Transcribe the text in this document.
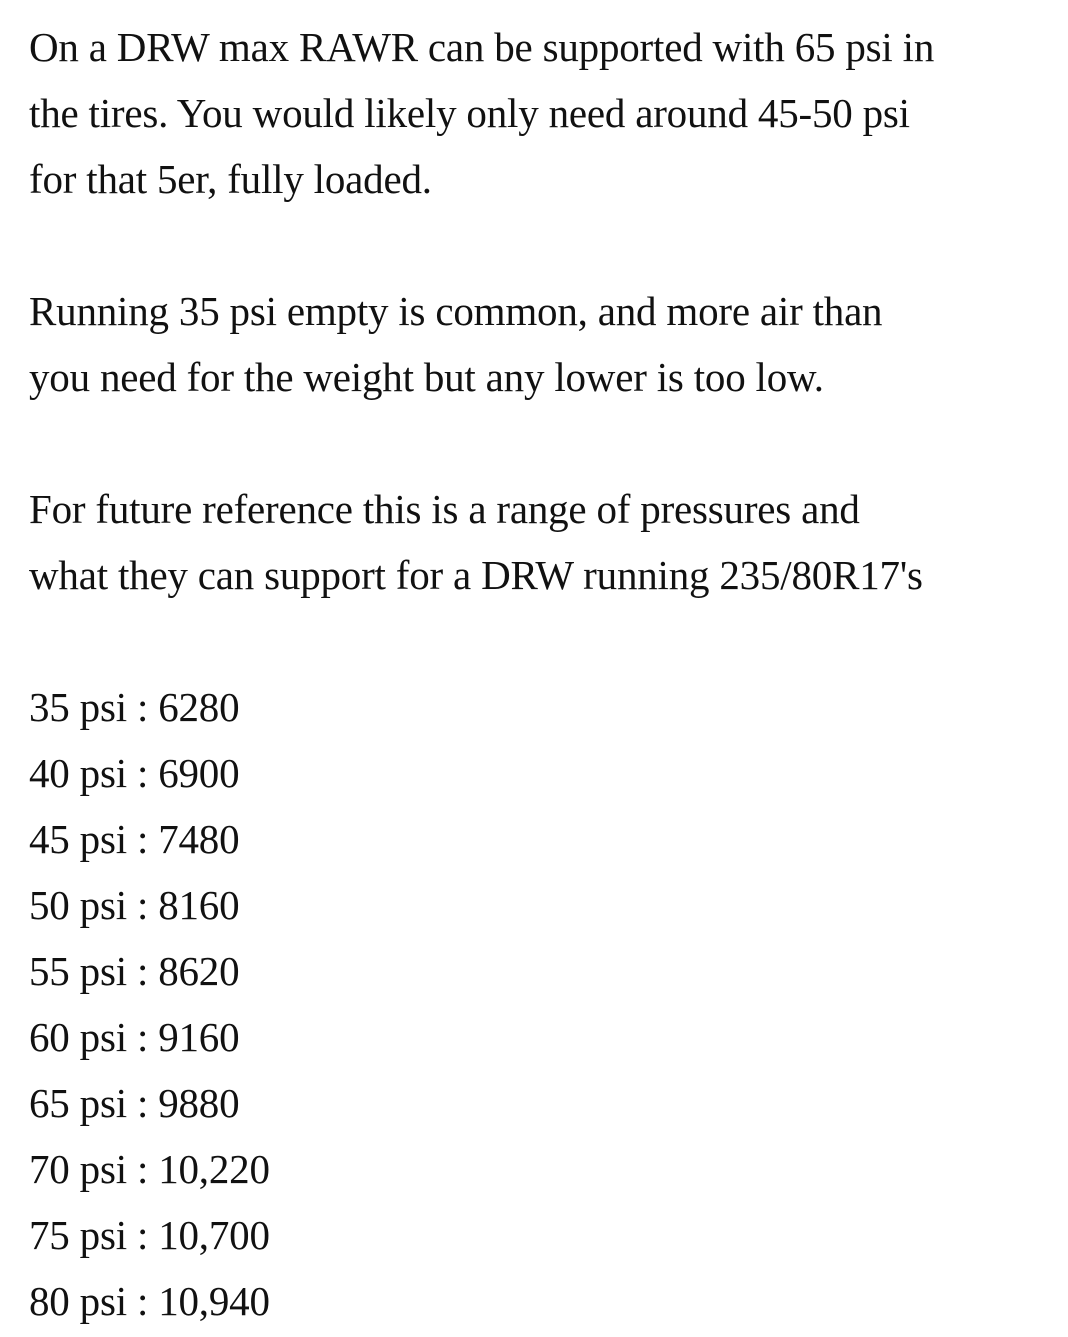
On a DRW max RAWR can be supported with 65 psi in
the tires. You would likely only need around 45-50 psi
for that 5er, fully loaded.
Running 35 psi empty is common, and more air than
you need for the weight but any lower is too low.
For future reference this is a range of pressures and
what they can support for a DRW running 235/80R17's
35 psi : 6280
40 psi : 6900
45 psi : 7480
50 psi : 8160
55 psi : 8620
60 psi : 9160
65 psi : 9880
70 psi : 10,220
75 psi : 10,700
80 psi : 10,940
